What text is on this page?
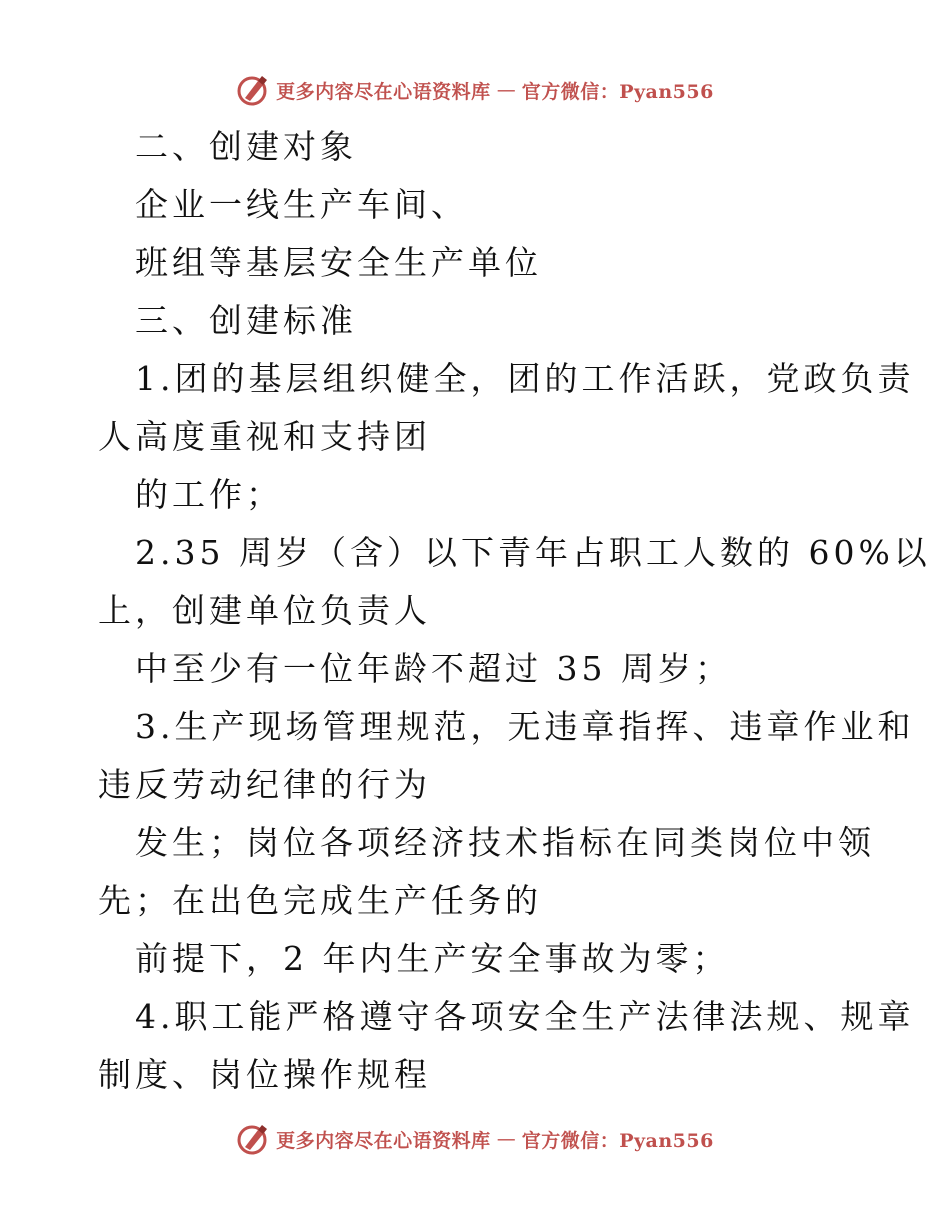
更多内容尽在心语资料库 — 官方微信：Pyan556
二、创建对象
企业一线生产车间、
班组等基层安全生产单位
三、创建标准
1.团的基层组织健全，团的工作活跃，党政负责
人高度重视和支持团
的工作；
2.35 周岁（含）以下青年占职工人数的 60%以
上，创建单位负责人
中至少有一位年龄不超过 35 周岁；
3.生产现场管理规范，无违章指挥、违章作业和
违反劳动纪律的行为
发生；岗位各项经济技术指标在同类岗位中领
先；在出色完成生产任务的
前提下，2 年内生产安全事故为零；
4.职工能严格遵守各项安全生产法律法规、规章
制度、岗位操作规程
更多内容尽在心语资料库 — 官方微信：Pyan556
